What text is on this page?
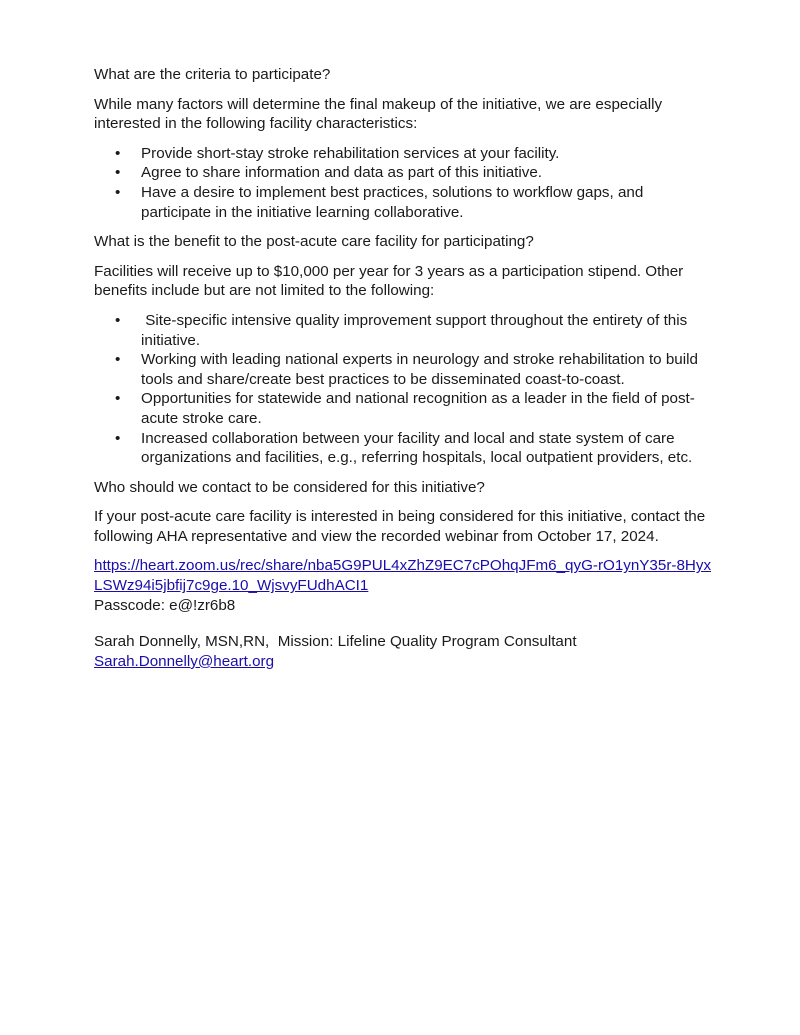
What are the criteria to participate?

While many factors will determine the final makeup of the initiative, we are especially interested in the following facility characteristics:

• Provide short-stay stroke rehabilitation services at your facility.
• Agree to share information and data as part of this initiative.
• Have a desire to implement best practices, solutions to workflow gaps, and participate in the initiative learning collaborative.

What is the benefit to the post-acute care facility for participating?

Facilities will receive up to $10,000 per year for 3 years as a participation stipend. Other benefits include but are not limited to the following:

• Site-specific intensive quality improvement support throughout the entirety of this initiative.
• Working with leading national experts in neurology and stroke rehabilitation to build tools and share/create best practices to be disseminated coast-to-coast.
• Opportunities for statewide and national recognition as a leader in the field of post-acute stroke care.
• Increased collaboration between your facility and local and state system of care organizations and facilities, e.g., referring hospitals, local outpatient providers, etc.

Who should we contact to be considered for this initiative?

If your post-acute care facility is interested in being considered for this initiative, contact the following AHA representative and view the recorded webinar from October 17, 2024.

https://heart.zoom.us/rec/share/nba5G9PUL4xZhZ9EC7cPOhqJFm6_qyG-rO1ynY35r-8HyxLSWz94i5jbfij7c9ge.10_WjsvyFUdhACI1

Passcode: e@!zr6b8

Sarah Donnelly, MSN,RN,  Mission: Lifeline Quality Program Consultant

Sarah.Donnelly@heart.org
